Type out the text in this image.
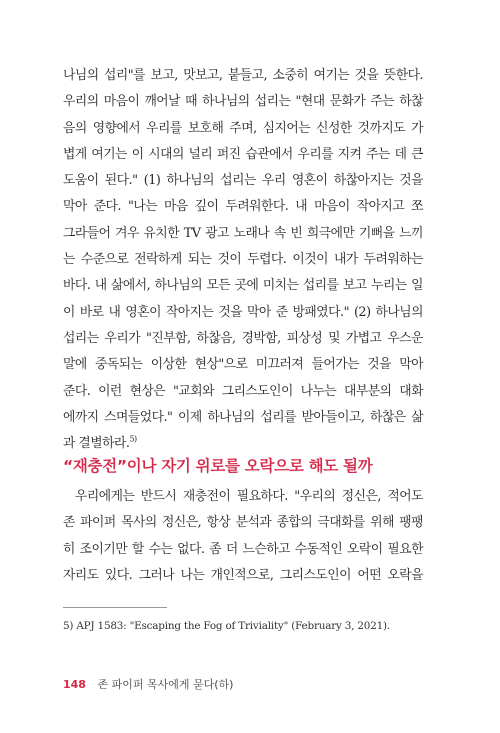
나님의 섭리"를 보고, 맛보고, 붙들고, 소중히 여기는 것을 뜻한다.
우리의 마음이 깨어날 때 하나님의 섭리는 "현대 문화가 주는 하찮
음의 영향에서 우리를 보호해 주며, 심지어는 신성한 것까지도 가
볍게 여기는 이 시대의 널리 퍼진 습관에서 우리를 지켜 주는 데 큰
도움이 된다." (1) 하나님의 섭리는 우리 영혼이 하찮아지는 것을
막아 준다. "나는 마음 깊이 두려워한다. 내 마음이 작아지고 쪼
그라들어 겨우 유치한 TV 광고 노래나 속 빈 희극에만 기뻐을 느끼
는 수준으로 전락하게 되는 것이 두렵다. 이것이 내가 두려워하는
바다. 내 삶에서, 하나님의 모든 곳에 미치는 섭리를 보고 누리는 일
이 바로 내 영혼이 작아지는 것을 막아 준 방패였다." (2) 하나님의
섭리는 우리가 "진부함, 하찮음, 경박함, 피상성 및 가볍고 우스운
말에 중독되는 이상한 현상"으로 미끄러져 들어가는 것을 막아
준다. 이런 현상은 "교회와 그리스도인이 나누는 대부분의 대화
에까지 스며들었다." 이제 하나님의 섭리를 받아들이고, 하찮은 삶
과 결별하라.$^{5)}$
“재충전”이나 자기 위로를 오락으로 해도 될까
우리에게는 반드시 재충전이 필요하다. "우리의 정신은, 적어도
존 파이퍼 목사의 정신은, 항상 분석과 종합의 극대화를 위해 팽팽
히 조이기만 할 수는 없다. 좀 더 느슨하고 수동적인 오락이 필요한
자리도 있다. 그러나 나는 개인적으로, 그리스도인이 어떤 오락을
5) APJ 1583: "Escaping the Fog of Triviality" (February 3, 2021).
148 존 파이퍼 목사에게 묻다(하)
